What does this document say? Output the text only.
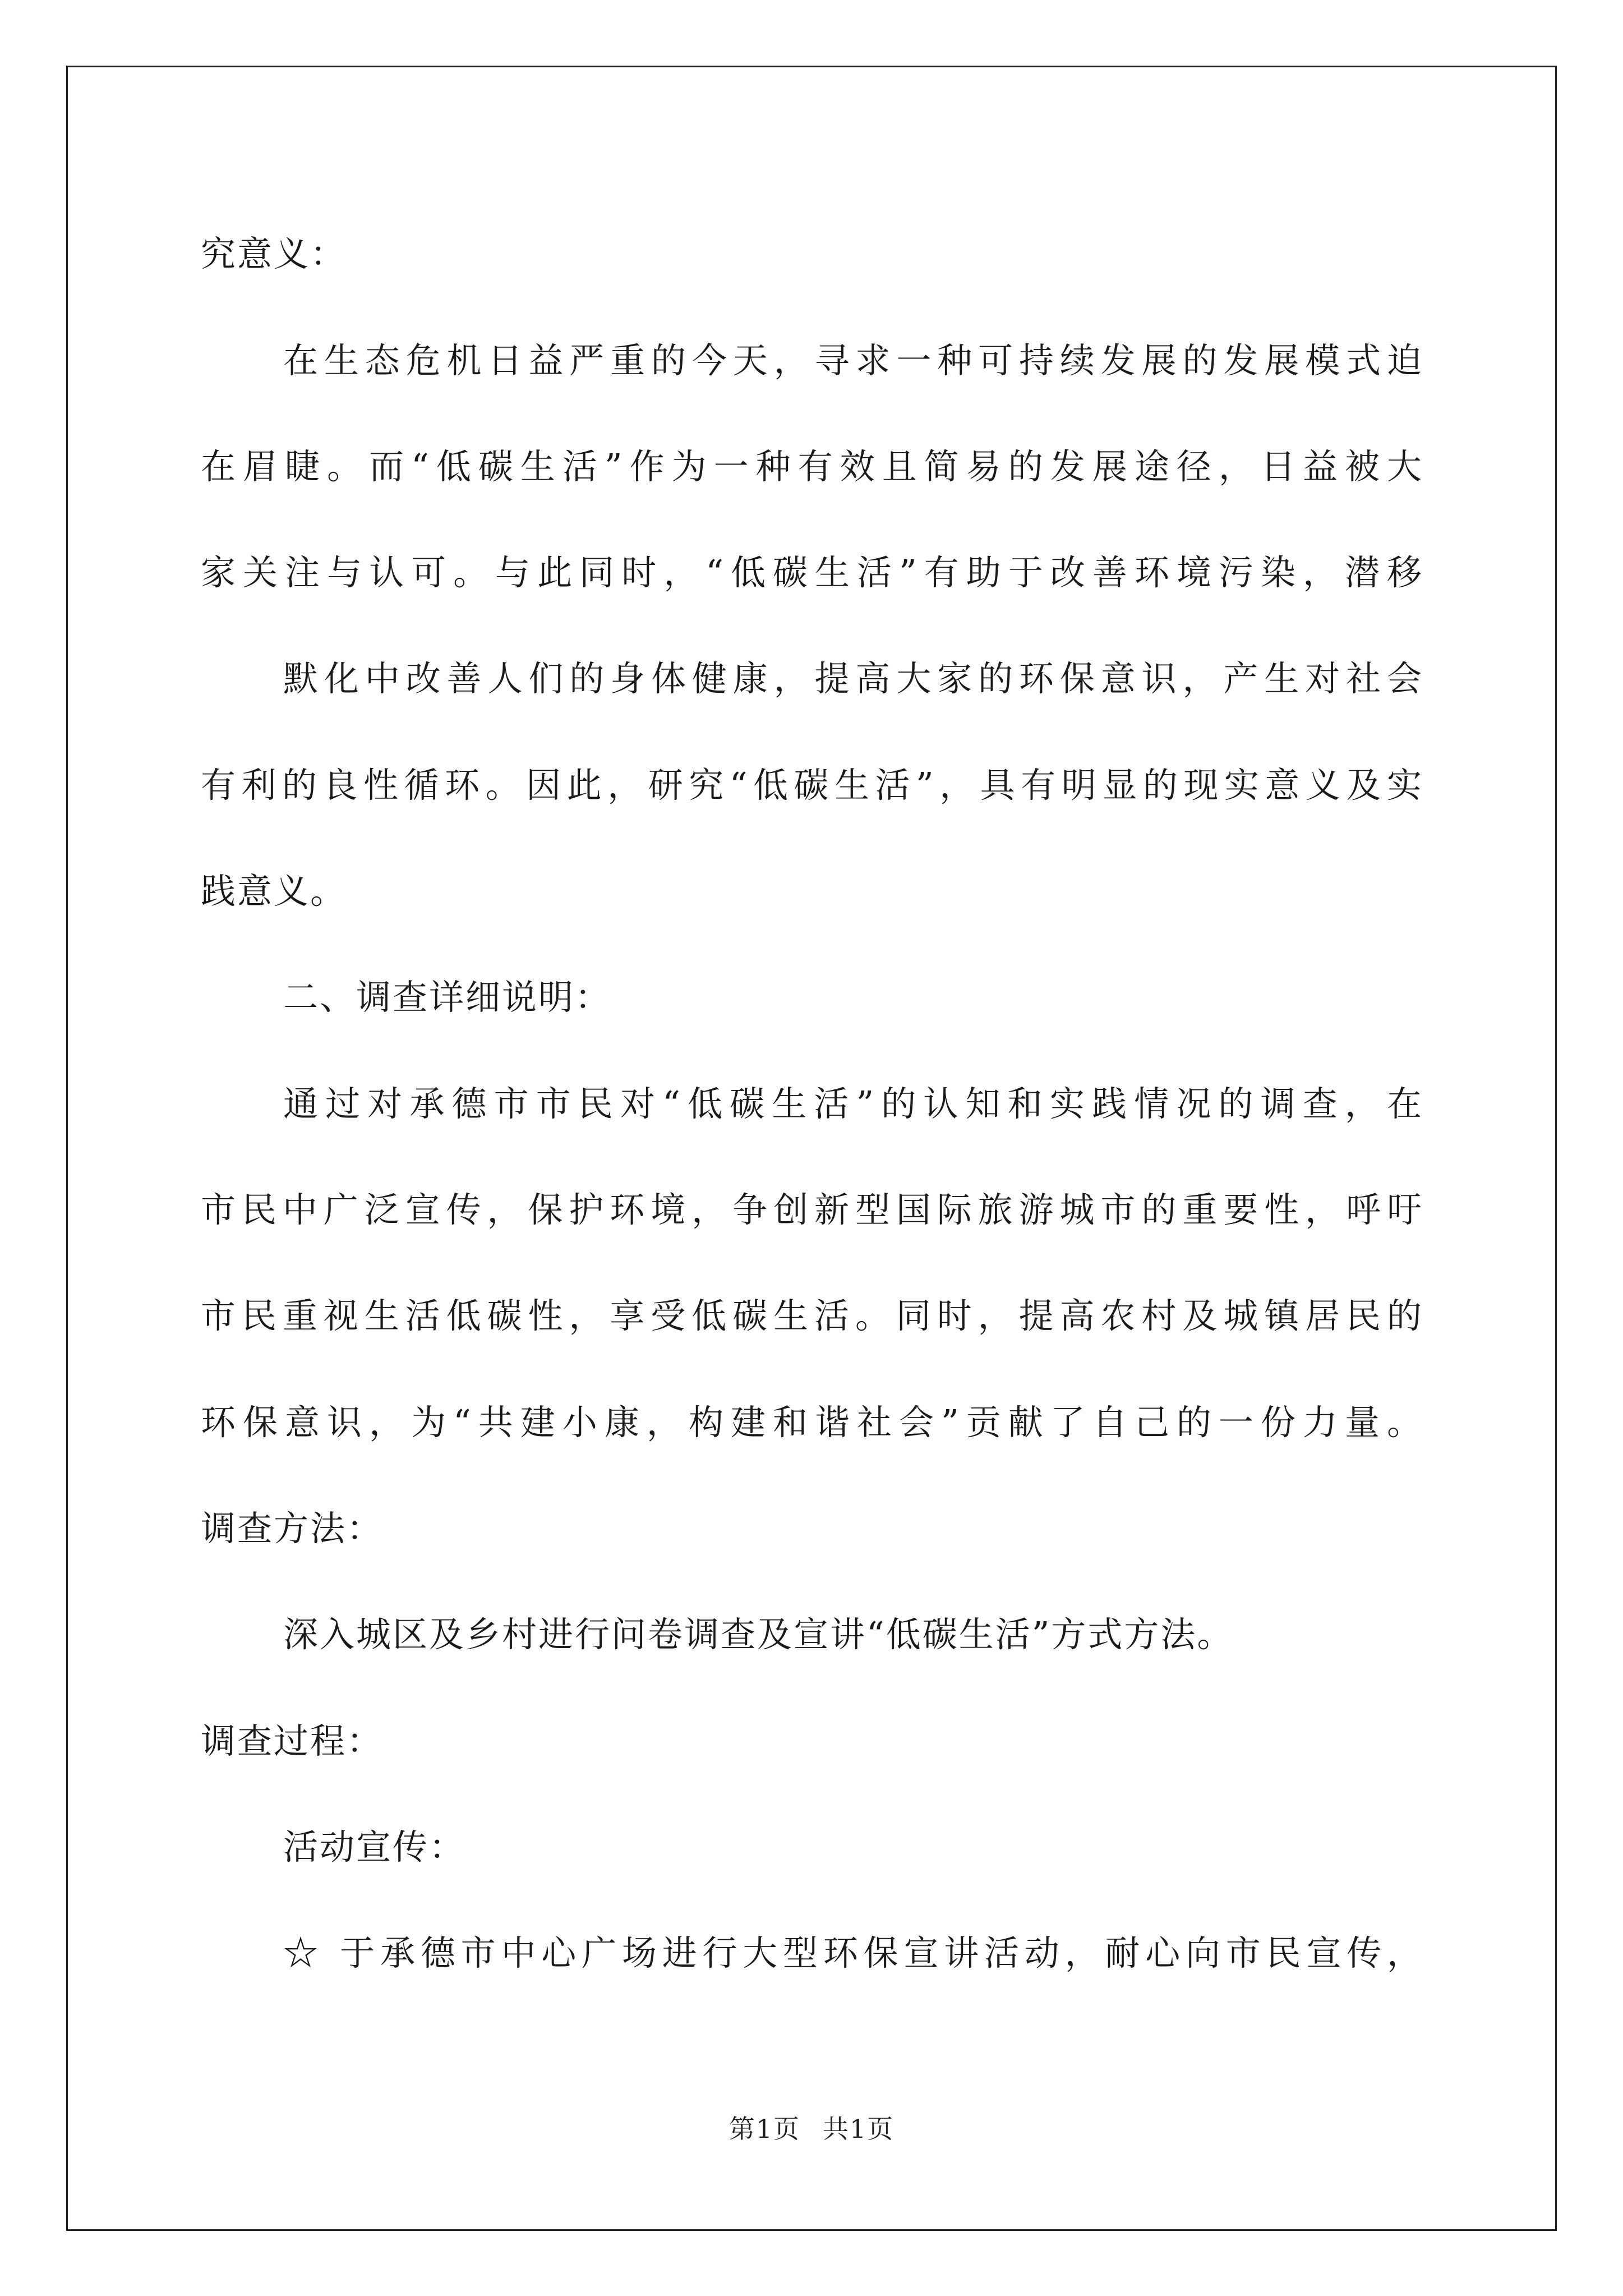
究意义：
在生态危机日益严重的今天，寻求一种可持续发展的发展模式迫
在眉睫。而“低碳生活”作为一种有效且简易的发展途径，日益被大
家关注与认可。与此同时，“低碳生活”有助于改善环境污染，潜移
默化中改善人们的身体健康，提高大家的环保意识，产生对社会
有利的良性循环。因此，研究“低碳生活”，具有明显的现实意义及实
践意义。
二、调查详细说明：
通过对承德市市民对“低碳生活”的认知和实践情况的调查，在
市民中广泛宣传，保护环境，争创新型国际旅游城市的重要性，呼吁
市民重视生活低碳性，享受低碳生活。同时，提高农村及城镇居民的
环保意识，为“共建小康，构建和谐社会”贡献了自己的一份力量。
调查方法：
深入城区及乡村进行问卷调查及宣讲“低碳生活”方式方法。
调查过程：
活动宣传：
☆ 于承德市中心广场进行大型环保宣讲活动，耐心向市民宣传，
第1页 共1页
